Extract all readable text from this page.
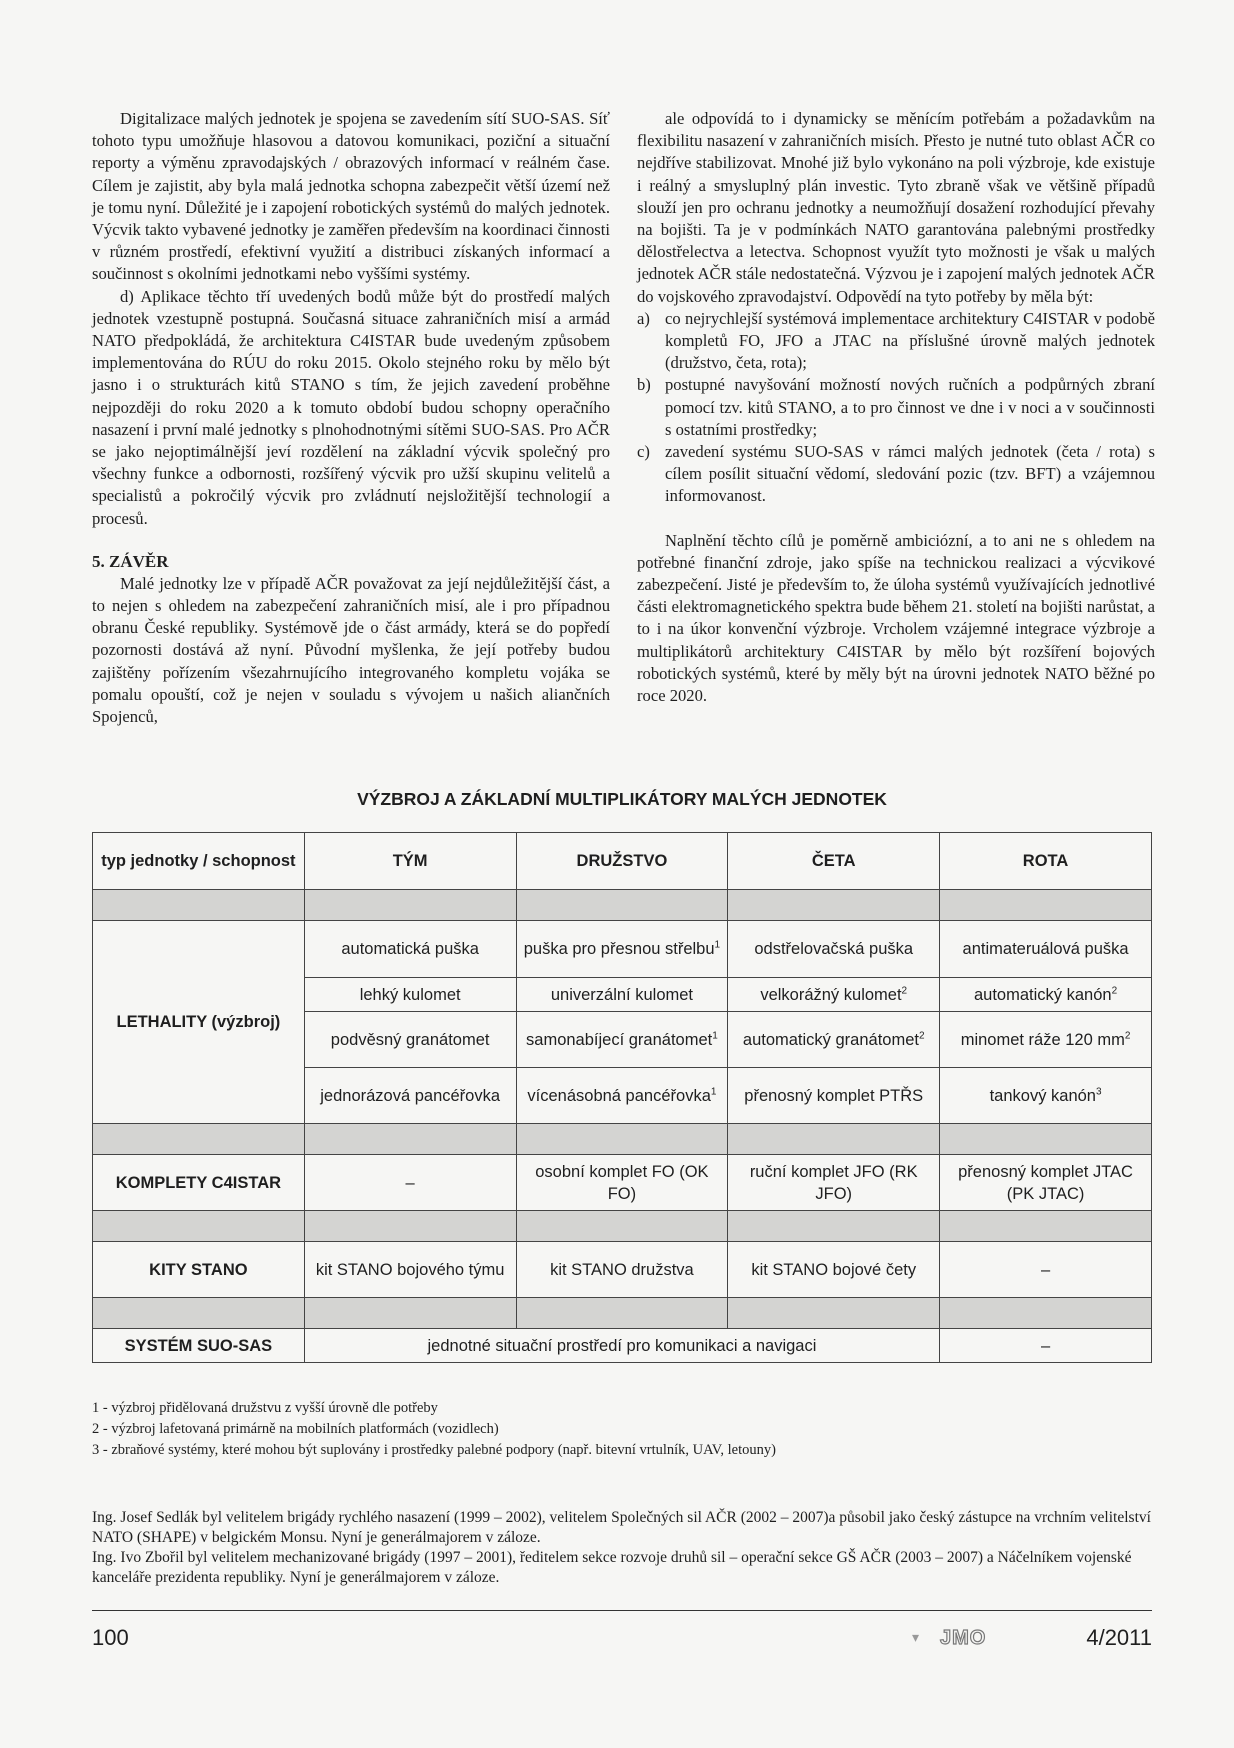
Digitalizace malých jednotek je spojena se zavedením sítí SUO-SAS. Síť tohoto typu umožňuje hlasovou a datovou komunikaci, poziční a situační reporty a výměnu zpravodajských / obrazových informací v reálném čase. Cílem je zajistit, aby byla malá jednotka schopna zabezpečit větší území než je tomu nyní. Důležité je i zapojení robotických systémů do malých jednotek. Výcvik takto vybavené jednotky je zaměřen především na koordinaci činnosti v různém prostředí, efektivní využití a distribuci získaných informací a součinnost s okolními jednotkami nebo vyššími systémy.

d) Aplikace těchto tří uvedených bodů může být do prostředí malých jednotek vzestupně postupná. Současná situace zahraničních misí a armád NATO předpokládá, že architektura C4ISTAR bude uvedeným způsobem implementována do RÚU do roku 2015. Okolo stejného roku by mělo být jasno i o strukturách kitů STANO s tím, že jejich zavedení proběhne nejpozději do roku 2020 a k tomuto období budou schopny operačního nasazení i první malé jednotky s plnohodnotnými sítěmi SUO-SAS. Pro AČR se jako nejoptimálnější jeví rozdělení na základní výcvik společný pro všechny funkce a odbornosti, rozšířený výcvik pro užší skupinu velitelů a specialistů a pokročilý výcvik pro zvládnutí nejsložitější technologií a procesů.

5. ZÁVĚR

Malé jednotky lze v případě AČR považovat za její nejdůležitější část, a to nejen s ohledem na zabezpečení zahraničních misí, ale i pro případnou obranu České republiky. Systémově jde o část armády, která se do popředí pozornosti dostává až nyní. Původní myšlenka, že její potřeby budou zajištěny pořízením všezahrnujícího integrovaného kompletu vojáka se pomalu opouští, což je nejen v souladu s vývojem u našich aliančních Spojenců,

ale odpovídá to i dynamicky se měnícím potřebám a požadavkům na flexibilitu nasazení v zahraničních misích. Přesto je nutné tuto oblast AČR co nejdříve stabilizovat. Mnohé již bylo vykonáno na poli výzbroje, kde existuje i reálný a smysluplný plán investic. Tyto zbraně však ve většině případů slouží jen pro ochranu jednotky a neumožňují dosažení rozhodující převahy na bojišti. Ta je v podmínkách NATO garantována palebnými prostředky dělostřelectva a letectva. Schopnost využít tyto možnosti je však u malých jednotek AČR stále nedostatečná. Výzvou je i zapojení malých jednotek AČR do vojskového zpravodajství. Odpovědí na tyto potřeby by měla být:

a) co nejrychlejší systémová implementace architektury C4ISTAR v podobě kompletů FO, JFO a JTAC na příslušné úrovně malých jednotek (družstvo, četa, rota);
b) postupné navyšování možností nových ručních a podpůrných zbraní pomocí tzv. kitů STANO, a to pro činnost ve dne i v noci a v součinnosti s ostatními prostředky;
c) zavedení systému SUO-SAS v rámci malých jednotek (četa / rota) s cílem posílit situační vědomí, sledování pozic (tzv. BFT) a vzájemnou informovanost.

Naplnění těchto cílů je poměrně ambiciózní, a to ani ne s ohledem na potřebné finanční zdroje, jako spíše na technickou realizaci a výcvikové zabezpečení. Jisté je především to, že úloha systémů využívajících jednotlivé části elektromagnetického spektra bude během 21. století na bojišti narůstat, a to i na úkor konvenční výzbroje. Vrcholem vzájemné integrace výzbroje a multiplikátorů architektury C4ISTAR by mělo být rozšíření bojových robotických systémů, které by měly být na úrovni jednotek NATO běžné po roce 2020.

VÝZBROJ A ZÁKLADNÍ MULTIPLIKÁTORY MALÝCH JEDNOTEK
typ jednotky / schopnost	TÝM	DRUŽSTVO	ČETA	ROTA

LETHALITY (výzbroj)	automatická puška	puška pro přesnou střelbu$^1$	odstřelovačská puška	antimateruálová puška
	lehký kulomet	univerzální kulomet	velkorážný kulomet$^2$	automatický kanón$^2$
	podvěsný granátomet	samonabíjecí granátomet$^1$	automatický granátomet$^2$	minomet ráže 120 $mm^2$
	jednorázová pancéřovka	vícenásobná pancéřovka$^1$	přenosný komplet PTŘS	tankový kanón$^3$

KOMPLETY C4ISTAR	–	osobní komplet FO (OK FO)	ruční komplet JFO (RK JFO)	přenosný komplet JTAC (PK JTAC)

KITY STANO	kit STANO bojového týmu	kit STANO družstva	kit STANO bojové čety	–

SYSTÉM SUO-SAS	jednotné situační prostředí pro komunikaci a navigaci			–
1 - výzbroj přidělovaná družstvu z vyšší úrovně dle potřeby
2 - výzbroj lafetovaná primárně na mobilních platformách (vozidlech)
3 - zbraňové systémy, které mohou být suplovány i prostředky palebné podpory (např. bitevní vrtulník, UAV, letouny)

Ing. Josef Sedlák byl velitelem brigády rychlého nasazení (1999 – 2002), velitelem Společných sil AČR (2002 – 2007)a působil jako český zástupce na vrchním velitelství NATO (SHAPE) v belgickém Monsu. Nyní je generálmajorem v záloze.

Ing. Ivo Zbořil byl velitelem mechanizované brigády (1997 – 2001), ředitelem sekce rozvoje druhů sil – operační sekce GŠ AČR (2003 – 2007) a Náčelníkem vojenské kanceláře prezidenta republiky. Nyní je generálmajorem v záloze.

100	▾ JMO	4/2011
